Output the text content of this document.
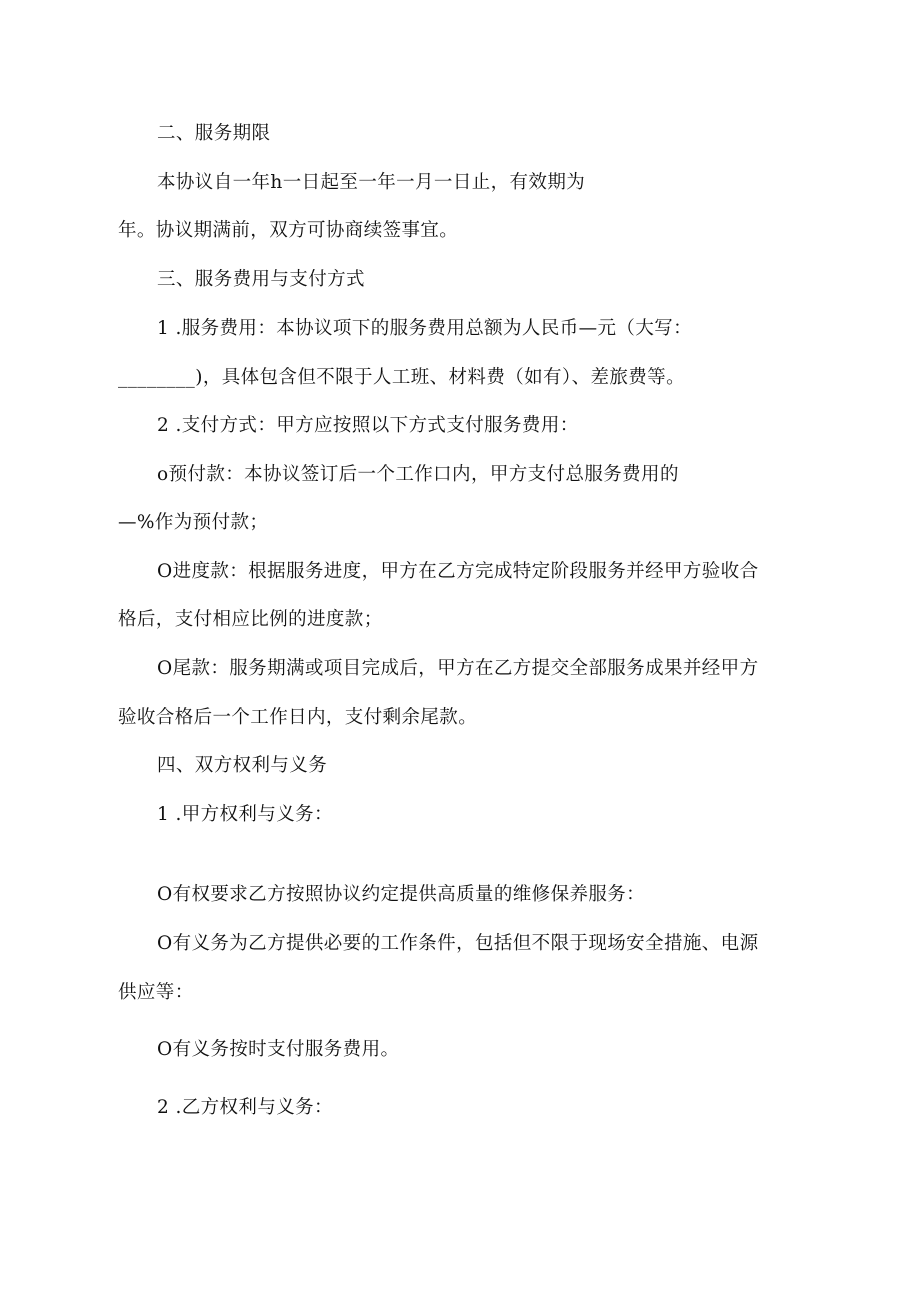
二、服务期限
本协议自一年h一日起至一年一月一日止，有效期为
年。协议期满前，双方可协商续签事宜。
三、服务费用与支付方式
1 .服务费用：本协议项下的服务费用总额为人民币—元（大写：
________)，具体包含但不限于人工班、材料费（如有）、差旅费等。
2 .支付方式：甲方应按照以下方式支付服务费用：
o预付款：本协议签订后一个工作口内，甲方支付总服务费用的
—%作为预付款；
O进度款：根据服务进度，甲方在乙方完成特定阶段服务并经甲方验收合
格后，支付相应比例的进度款；
O尾款：服务期满或项目完成后，甲方在乙方提交全部服务成果并经甲方
验收合格后一个工作日内，支付剩余尾款。
四、双方权利与义务
1 .甲方权利与义务：
O有权要求乙方按照协议约定提供高质量的维修保养服务：
O有义务为乙方提供必要的工作条件，包括但不限于现场安全措施、电源
供应等：
O有义务按时支付服务费用。
2 .乙方权利与义务：
